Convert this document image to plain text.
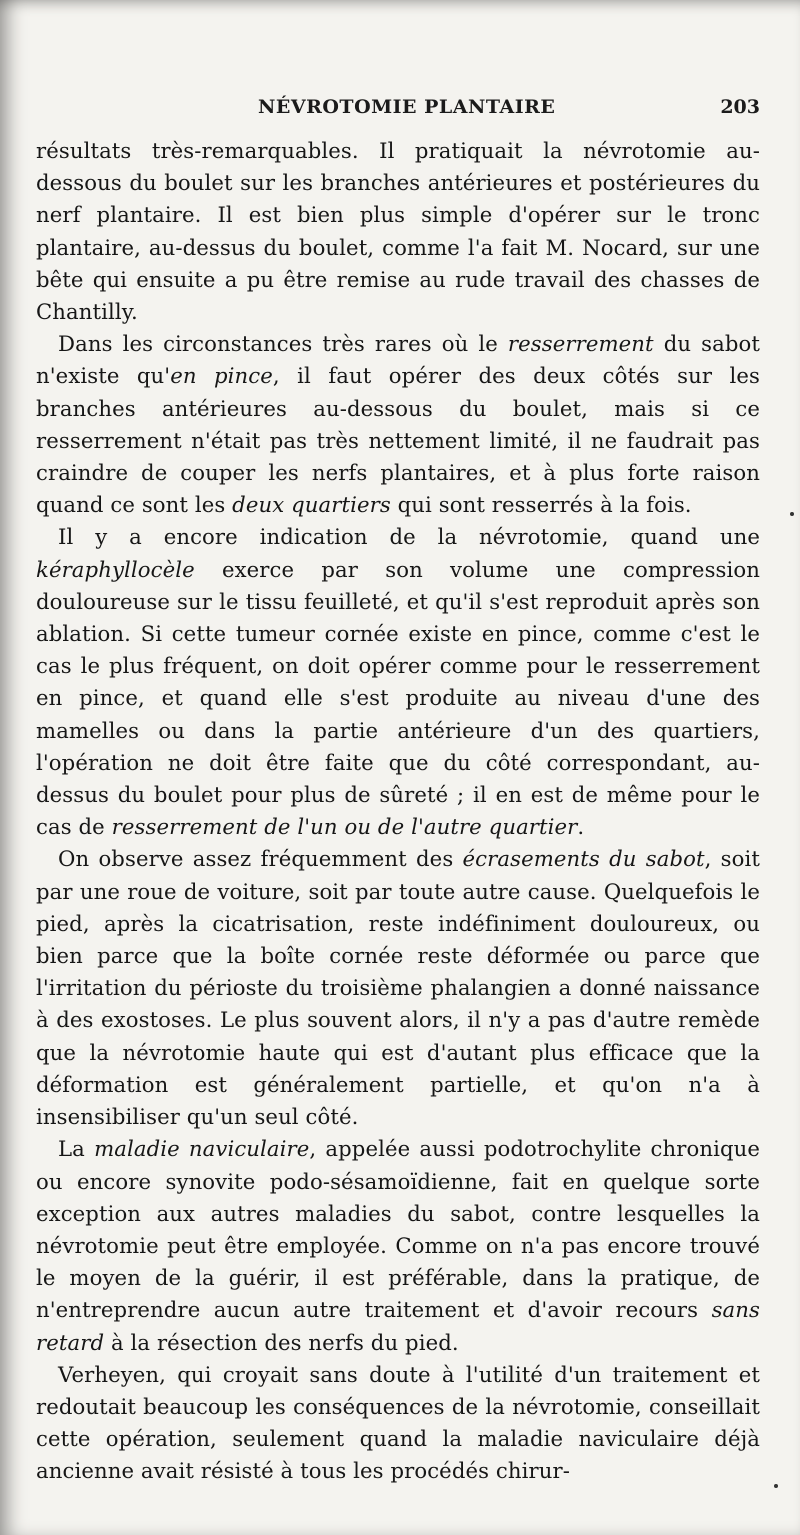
NÉVROTOMIE PLANTAIRE	203

résultats très-remarquables. Il pratiquait la névrotomie au-dessous du boulet sur les branches antérieures et postérieures du nerf plantaire. Il est bien plus simple d'opérer sur le tronc plantaire, au-dessus du boulet, comme l'a fait M. Nocard, sur une bête qui ensuite a pu être remise au rude travail des chasses de Chantilly.

Dans les circonstances très rares où le resserrement du sabot n'existe qu'en pince, il faut opérer des deux côtés sur les branches antérieures au-dessous du boulet, mais si ce resserrement n'était pas très nettement limité, il ne faudrait pas craindre de couper les nerfs plantaires, et à plus forte raison quand ce sont les deux quartiers qui sont resserrés à la fois.

Il y a encore indication de la névrotomie, quand une kéraphyllocèle exerce par son volume une compression douloureuse sur le tissu feuilleté, et qu'il s'est reproduit après son ablation. Si cette tumeur cornée existe en pince, comme c'est le cas le plus fréquent, on doit opérer comme pour le resserrement en pince, et quand elle s'est produite au niveau d'une des mamelles ou dans la partie antérieure d'un des quartiers, l'opération ne doit être faite que du côté correspondant, au-dessus du boulet pour plus de sûreté ; il en est de même pour le cas de resserrement de l'un ou de l'autre quartier.

On observe assez fréquemment des écrasements du sabot, soit par une roue de voiture, soit par toute autre cause. Quelquefois le pied, après la cicatrisation, reste indéfiniment douloureux, ou bien parce que la boîte cornée reste déformée ou parce que l'irritation du périoste du troisième phalangien a donné naissance à des exostoses. Le plus souvent alors, il n'y a pas d'autre remède que la névrotomie haute qui est d'autant plus efficace que la déformation est généralement partielle, et qu'on n'a à insensibiliser qu'un seul côté.

La maladie naviculaire, appelée aussi podotrochylite chronique ou encore synovite podo-sésamoïdienne, fait en quelque sorte exception aux autres maladies du sabot, contre lesquelles la névrotomie peut être employée. Comme on n'a pas encore trouvé le moyen de la guérir, il est préférable, dans la pratique, de n'entreprendre aucun autre traitement et d'avoir recours sans retard à la résection des nerfs du pied.

Verheyen, qui croyait sans doute à l'utilité d'un traitement et redoutait beaucoup les conséquences de la névrotomie, conseillait cette opération, seulement quand la maladie naviculaire déjà ancienne avait résisté à tous les procédés chirur-
